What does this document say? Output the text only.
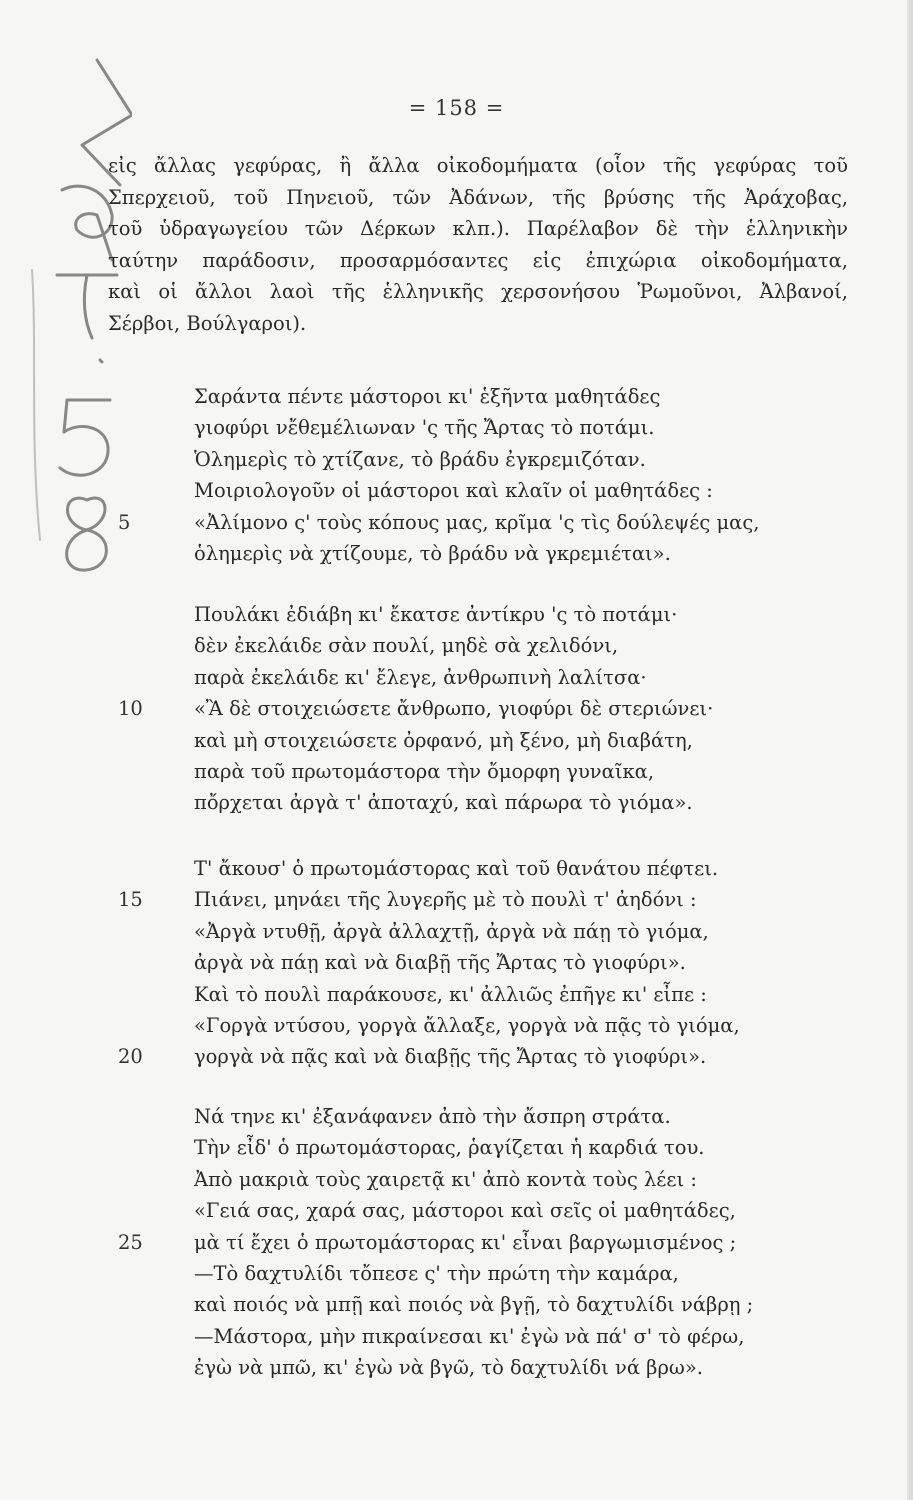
= 158 =
εἰς ἄλλας γεφύρας, ἢ ἄλλα οἰκοδομήματα (οἷον τῆς γεφύρας τοῦ
Σπερχειοῦ, τοῦ Πηνειοῦ, τῶν Ἀδάνων, τῆς βρύσης τῆς Ἀράχοβας,
τοῦ ὑδραγωγείου τῶν Δέρκων κλπ.). Παρέλαβον δὲ τὴν ἑλληνικὴν
ταύτην παράδοσιν, προσαρμόσαντες εἰς ἐπιχώρια οἰκοδομήματα,
καὶ οἱ ἄλλοι λαοὶ τῆς ἑλληνικῆς χερσονήσου Ῥωμοῦνοι, Ἀλβανοί,
Σέρβοι, Βούλγαροι).
Σαράντα πέντε μάστοροι κι' ἑξῆντα μαθητάδες
γιοφύρι νἔθεμέλιωναν 'ς τῆς Ἄρτας τὸ ποτάμι.
Ὁλημερὶς τὸ χτίζανε, τὸ βράδυ ἐγκρεμιζόταν.
Μοιριολογοῦν οἱ μάστοροι καὶ κλαῖν οἱ μαθητάδες :
5	«Ἀλίμονο ς' τοὺς κόπους μας, κρῖμα 'ς τὶς δούλεψές μας,
ὁλημερὶς νὰ χτίζουμε, τὸ βράδυ νὰ γκρεμιέται».
Πουλάκι ἐδιάβη κι' ἔκατσε ἀντίκρυ 'ς τὸ ποτάμι·
δὲν ἐκελάιδε σὰν πουλί, μηδὲ σὰ χελιδόνι,
παρὰ ἐκελάιδε κι' ἔλεγε, ἀνθρωπινὴ λαλίτσα·
10	«Ἂ δὲ στοιχειώσετε ἄνθρωπο, γιοφύρι δὲ στεριώνει·
καὶ μὴ στοιχειώσετε ὀρφανό, μὴ ξένο, μὴ διαβάτη,
παρὰ τοῦ πρωτομάστορα τὴν ὄμορφη γυναῖκα,
πὄρχεται ἀργὰ τ' ἀποταχύ, καὶ πάρωρα τὸ γιόμα».
Τ' ἄκουσ' ὁ πρωτομάστορας καὶ τοῦ θανάτου πέφτει.
15	Πιάνει, μηνάει τῆς λυγερῆς μὲ τὸ πουλὶ τ' ἀηδόνι :
«Ἀργὰ ντυθῇ, ἀργὰ ἀλλαχτῇ, ἀργὰ νὰ πάῃ τὸ γιόμα,
ἀργὰ νὰ πάῃ καὶ νὰ διαβῇ τῆς Ἄρτας τὸ γιοφύρι».
Καὶ τὸ πουλὶ παράκουσε, κι' ἀλλιῶς ἐπῆγε κι' εἶπε :
«Γοργὰ ντύσου, γοργὰ ἄλλαξε, γοργὰ νὰ πᾷς τὸ γιόμα,
20	γοργὰ νὰ πᾷς καὶ νὰ διαβῇς τῆς Ἄρτας τὸ γιοφύρι».
Νά τηνε κι' ἐξανάφανεν ἀπὸ τὴν ἄσπρη στράτα.
Τὴν εἶδ' ὁ πρωτομάστορας, ῥαγίζεται ἡ καρδιά του.
Ἀπὸ μακριὰ τοὺς χαιρετᾷ κι' ἀπὸ κοντὰ τοὺς λέει :
«Γειά σας, χαρά σας, μάστοροι καὶ σεῖς οἱ μαθητάδες,
25	μὰ τί ἔχει ὁ πρωτομάστορας κι' εἶναι βαργωμισμένος ;
—Τὸ δαχτυλίδι τὄπεσε ς' τὴν πρώτη τὴν καμάρα,
καὶ ποιός νὰ μπῇ καὶ ποιός νὰ βγῇ, τὸ δαχτυλίδι νάβρῃ ;
—Μάστορα, μὴν πικραίνεσαι κι' ἐγὼ νὰ πά' σ' τὸ φέρω,
ἐγὼ νὰ μπῶ, κι' ἐγὼ νὰ βγῶ, τὸ δαχτυλίδι νά βρω».
